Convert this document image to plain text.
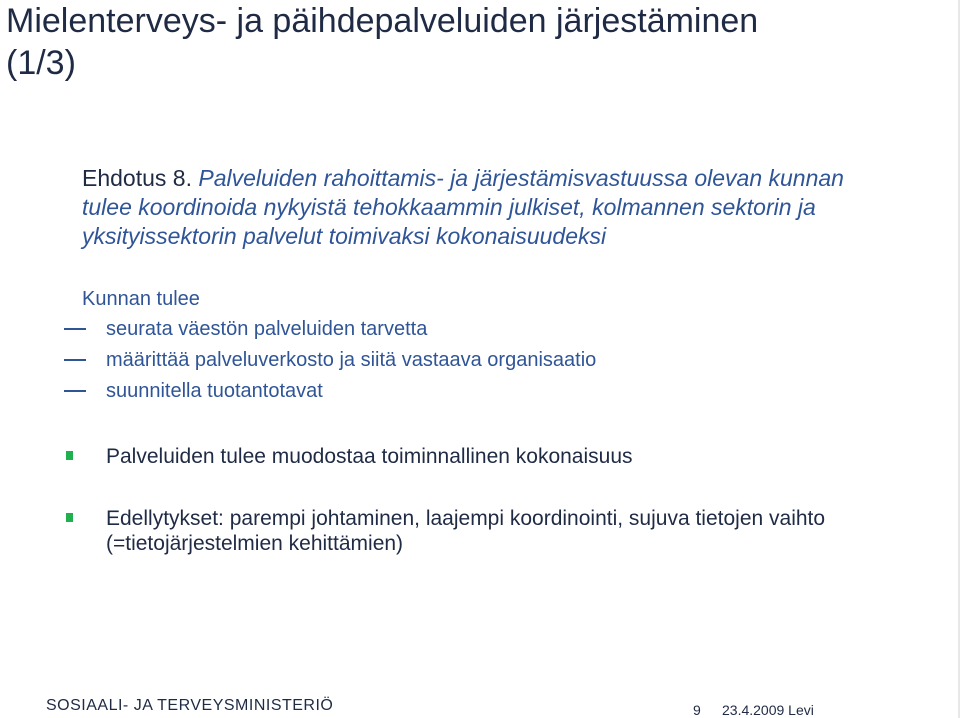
Mielenterveys- ja päihdepalveluiden järjestäminen
(1/3)
Ehdotus 8. Palveluiden rahoittamis- ja järjestämisvastuussa olevan kunnan tulee koordinoida nykyistä tehokkaammin julkiset, kolmannen sektorin ja yksityissektorin palvelut toimivaksi kokonaisuudeksi
Kunnan tulee
seurata väestön palveluiden tarvetta
määrittää palveluverkosto ja siitä vastaava organisaatio
suunnitella tuotantotavat
Palveluiden tulee muodostaa toiminnallinen kokonaisuus
Edellytykset: parempi johtaminen, laajempi koordinointi, sujuva tietojen vaihto (=tietojärjestelmien kehittämien)
SOSIAALI- JA TERVEYSMINISTERIÖ	9 23.4.2009 Levi
